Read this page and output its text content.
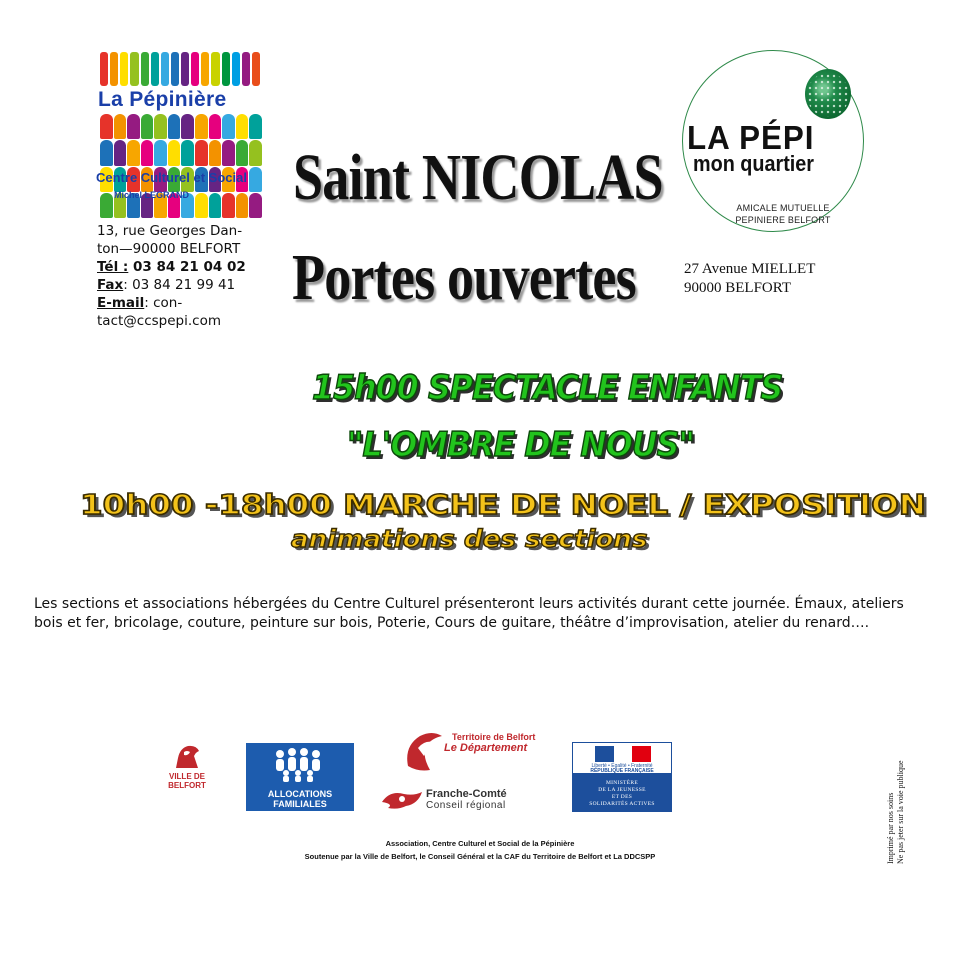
La Pépinière
Centre Culturel et Social
Michel LEGRAND
13, rue Georges Dan-
ton—90000 BELFORT
Tél : 03 84 21 04 02
Fax: 03 84 21 99 41
E-mail: con-
tact@ccspepi.com
Saint NICOLAS
Portes ouvertes
LA PÉPI
mon quartier
AMICALE MUTUELLE
PEPINIERE BELFORT
27 Avenue MIELLET
90000 BELFORT
15h00 SPECTACLE ENFANTS
"L'OMBRE DE NOUS"
10h00 -18h00 MARCHE DE NOEL / EXPOSITION
animations des sections
Les sections et associations hébergées du Centre Culturel présenteront leurs activités durant cette journée. Émaux, ateliers bois et fer, bricolage, couture, peinture sur bois, Poterie, Cours de guitare, théâtre d’improvisation, atelier du renard….
VILLE DE BELFORT
ALLOCATIONS
FAMILIALES
Territoire de Belfort
Le Département
Franche-Comté
Conseil régional
Liberté • Égalité • Fraternité
RÉPUBLIQUE FRANÇAISE
MINISTÈRE
DE LA JEUNESSE
ET DES
SOLIDARITÉS ACTIVES
Association, Centre Culturel et Social de la Pépinière
Soutenue par la Ville de Belfort, le Conseil Général et la CAF du Territoire de Belfort et La DDCSPP	Imprimé par nos soins Ne pas jeter sur la voie publique
